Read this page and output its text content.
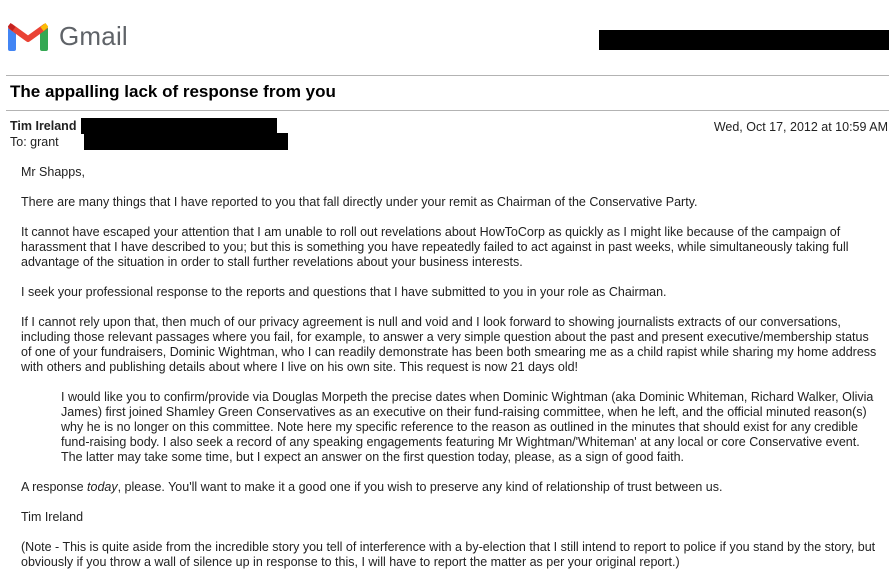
Gmail
The appalling lack of response from you
Tim Ireland
To: grant
Wed, Oct 17, 2012 at 10:59 AM

Mr Shapps,

There are many things that I have reported to you that fall directly under your remit as Chairman of the Conservative Party.

It cannot have escaped your attention that I am unable to roll out revelations about HowToCorp as quickly as I might like because of the campaign of harassment that I have described to you; but this is something you have repeatedly failed to act against in past weeks, while simultaneously taking full advantage of the situation in order to stall further revelations about your business interests.

I seek your professional response to the reports and questions that I have submitted to you in your role as Chairman.

If I cannot rely upon that, then much of our privacy agreement is null and void and I look forward to showing journalists extracts of our conversations, including those relevant passages where you fail, for example, to answer a very simple question about the past and present executive/membership status of one of your fundraisers, Dominic Wightman, who I can readily demonstrate has been both smearing me as a child rapist while sharing my home address with others and publishing details about where I live on his own site. This request is now 21 days old!

I would like you to confirm/provide via Douglas Morpeth the precise dates when Dominic Wightman (aka Dominic Whiteman, Richard Walker, Olivia James) first joined Shamley Green Conservatives as an executive on their fund-raising committee, when he left, and the official minuted reason(s) why he is no longer on this committee. Note here my specific reference to the reason as outlined in the minutes that should exist for any credible fund-raising body. I also seek a record of any speaking engagements featuring Mr Wightman/'Whiteman' at any local or core Conservative event. The latter may take some time, but I expect an answer on the first question today, please, as a sign of good faith.

A response today, please. You'll want to make it a good one if you wish to preserve any kind of relationship of trust between us.

Tim Ireland

(Note - This is quite aside from the incredible story you tell of interference with a by-election that I still intend to report to police if you stand by the story, but obviously if you throw a wall of silence up in response to this, I will have to report the matter as per your original report.)
